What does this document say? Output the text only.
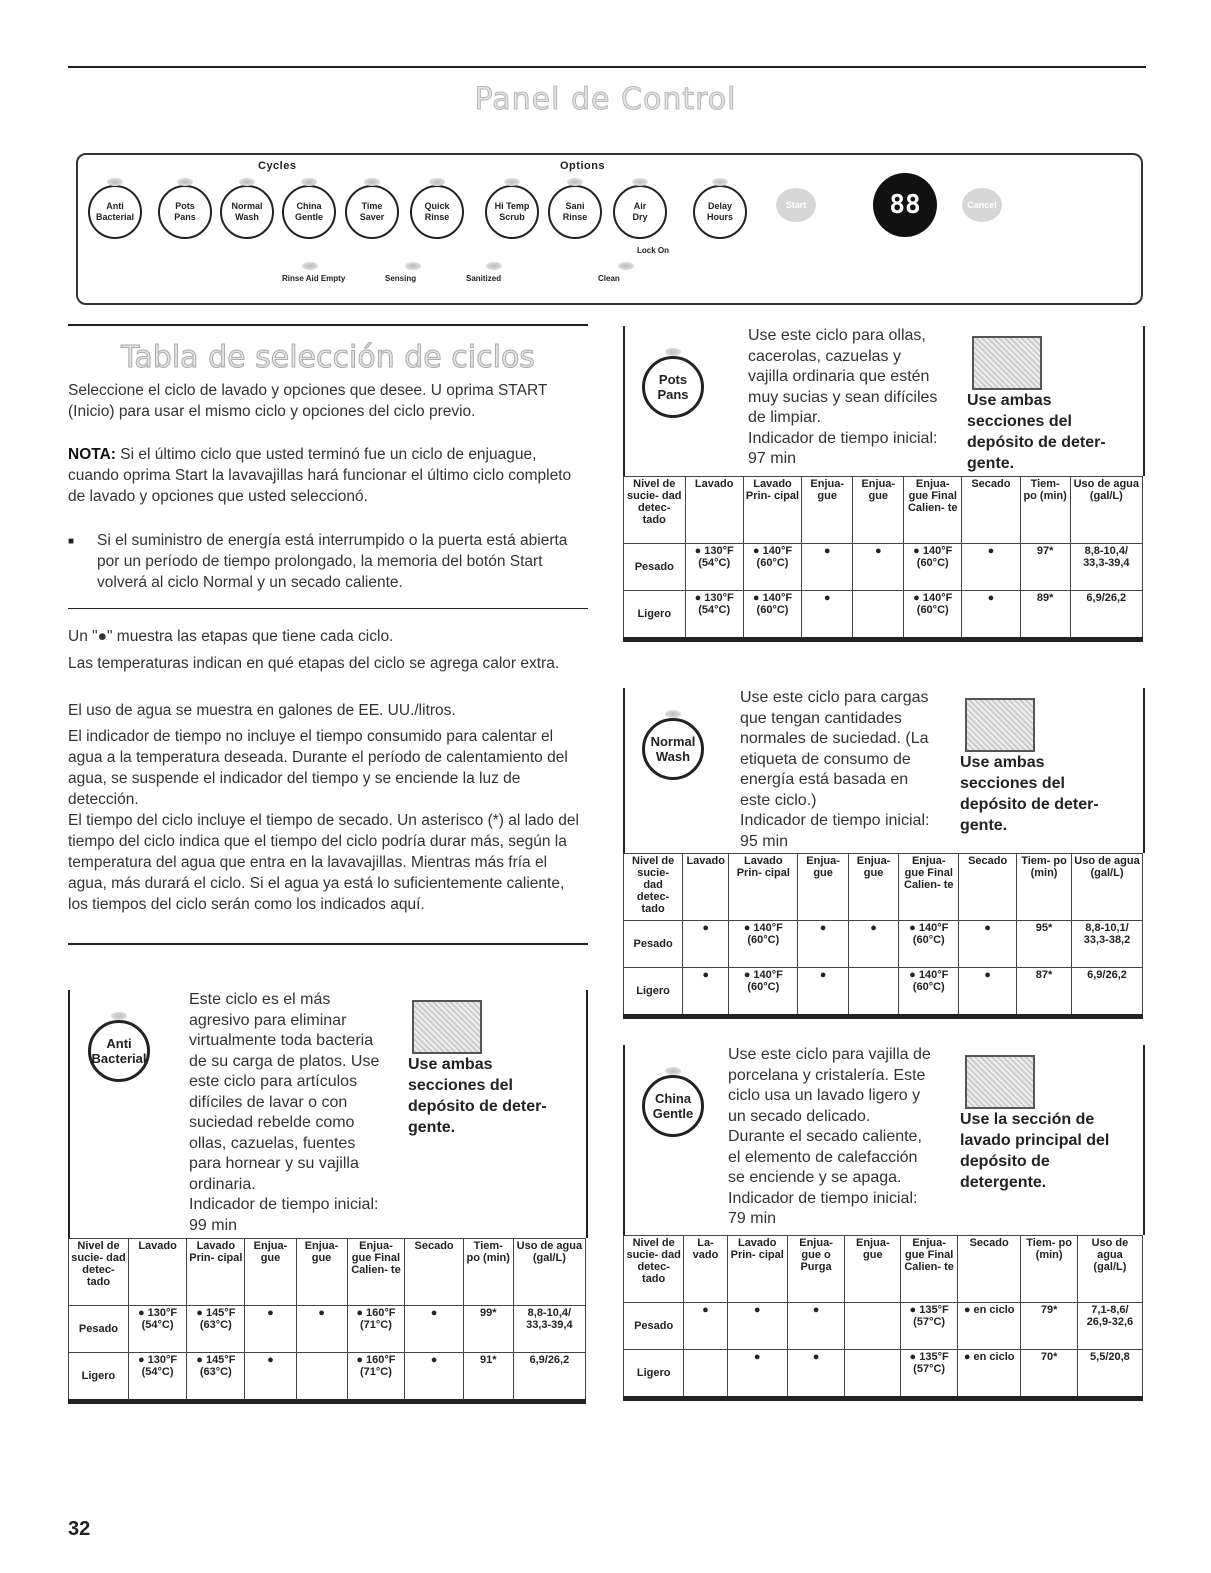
Panel de Control
Cycles	Options
Anti
Bacterial
Pots
Pans
Normal
Wash
China
Gentle
Time
Saver
Quick
Rinse
Hi Temp
Scrub
Sani
Rinse
Air
Dry
Delay
Hours
Lock On
Rinse Aid Empty	Sensing	Sanitized	Clean
Start	88	Cancel
Tabla de selección de ciclos
Seleccione el ciclo de lavado y opciones que desee. U oprima START (Inicio) para usar el mismo ciclo y opciones del ciclo previo.
NOTA: Si el último ciclo que usted terminó fue un ciclo de enjuague, cuando oprima Start la lavavajillas hará funcionar el último ciclo completo de lavado y opciones que usted seleccionó.
■ Si el suministro de energía está interrumpido o la puerta está abierta por un período de tiempo prolongado, la memoria del botón Start volverá al ciclo Normal y un secado caliente.
Un "●" muestra las etapas que tiene cada ciclo.
Las temperaturas indican en qué etapas del ciclo se agrega calor extra.
El uso de agua se muestra en galones de EE. UU./litros.
El indicador de tiempo no incluye el tiempo consumido para calentar el agua a la temperatura deseada. Durante el período de calentamiento del agua, se suspende el indicador del tiempo y se enciende la luz de detección.
El tiempo del ciclo incluye el tiempo de secado. Un asterisco (*) al lado del tiempo del ciclo indica que el tiempo del ciclo podría durar más, según la temperatura del agua que entra en la lavavajillas. Mientras más fría el agua, más durará el ciclo. Si el agua ya está lo suficientemente caliente, los tiempos del ciclo serán como los indicados aquí.
Anti
Bacterial
Este ciclo es el más
agresivo para eliminar
virtualmente toda bacteria
de su carga de platos. Use
este ciclo para artículos
difíciles de lavar o con
suciedad rebelde como
ollas, cazuelas, fuentes
para hornear y su vajilla
ordinaria.
Indicador de tiempo inicial:
99 min
Use ambas
secciones del
depósito de deter-
gente.
Nivel de sucie- dad detec- tado	Lavado	Lavado Prin- cipal	Enjua- gue	Enjua- gue	Enjua- gue Final Calien- te	Secado	Tiem- po (min)	Uso de agua (gal/L)
Pesado	● 130°F (54°C)	● 145°F (63°C)	●	●	● 160°F (71°C)	●	99*	8,8-10,4/ 33,3-39,4
Ligero	● 130°F (54°C)	● 145°F (63°C)	●		● 160°F (71°C)	●	91*	6,9/26,2
Pots
Pans
Use este ciclo para ollas,
cacerolas, cazuelas y
vajilla ordinaria que estén
muy sucias y sean difíciles
de limpiar.
Indicador de tiempo inicial:
97 min
Use ambas
secciones del
depósito de deter-
gente.
Nivel de sucie- dad detec- tado	Lavado	Lavado Prin- cipal	Enjua- gue	Enjua- gue	Enjua- gue Final Calien- te	Secado	Tiem- po (min)	Uso de agua (gal/L)
Pesado	● 130°F (54°C)	● 140°F (60°C)	●	●	● 140°F (60°C)	●	97*	8,8-10,4/ 33,3-39,4
Ligero	● 130°F (54°C)	● 140°F (60°C)	●		● 140°F (60°C)	●	89*	6,9/26,2
Normal
Wash
Use este ciclo para cargas
que tengan cantidades
normales de suciedad. (La
etiqueta de consumo de
energía está basada en
este ciclo.)
Indicador de tiempo inicial:
95 min
Use ambas
secciones del
depósito de deter-
gente.
Nivel de sucie- dad detec- tado	Lavado	Lavado Prin- cipal	Enjua- gue	Enjua- gue	Enjua- gue Final Calien- te	Secado	Tiem- po (min)	Uso de agua (gal/L)
Pesado	●	● 140°F (60°C)	●	●	● 140°F (60°C)	●	95*	8,8-10,1/ 33,3-38,2
Ligero	●	● 140°F (60°C)	●		● 140°F (60°C)	●	87*	6,9/26,2
China
Gentle
Use este ciclo para vajilla de
porcelana y cristalería. Este
ciclo usa un lavado ligero y
un secado delicado.
Durante el secado caliente,
el elemento de calefacción
se enciende y se apaga.
Indicador de tiempo inicial:
79 min
Use la sección de
lavado principal del
depósito de
detergente.
Nivel de sucie- dad detec- tado	La- vado	Lavado Prin- cipal	Enjua- gue o Purga	Enjua- gue	Enjua- gue Final Calien- te	Secado	Tiem- po (min)	Uso de agua (gal/L)
Pesado	●	●	●		● 135°F (57°C)	● en ciclo	79*	7,1-8,6/ 26,9-32,6
Ligero		●	●		● 135°F (57°C)	● en ciclo	70*	5,5/20,8
32
